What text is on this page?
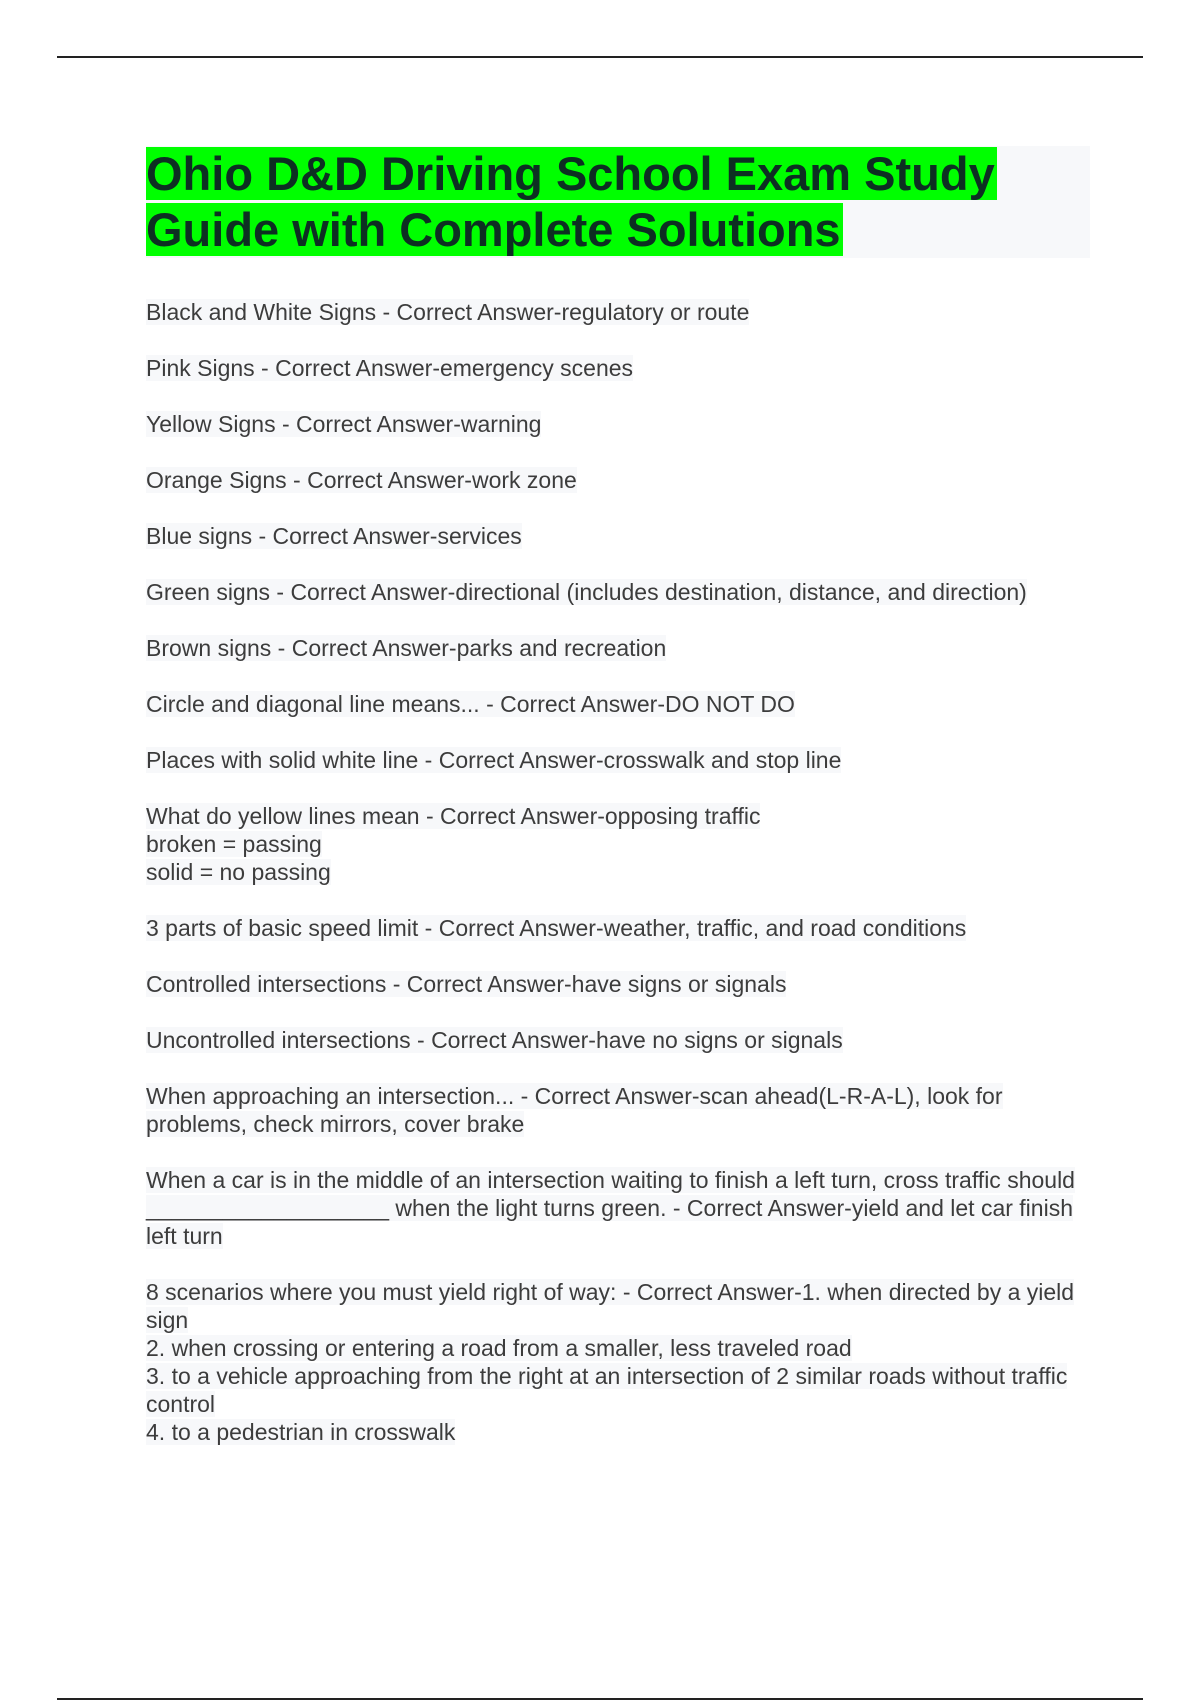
Ohio D&D Driving School Exam Study Guide with Complete Solutions
Black and White Signs - Correct Answer-regulatory or route
Pink Signs - Correct Answer-emergency scenes
Yellow Signs - Correct Answer-warning
Orange Signs - Correct Answer-work zone
Blue signs - Correct Answer-services
Green signs - Correct Answer-directional (includes destination, distance, and direction)
Brown signs - Correct Answer-parks and recreation
Circle and diagonal line means... - Correct Answer-DO NOT DO
Places with solid white line - Correct Answer-crosswalk and stop line
What do yellow lines mean - Correct Answer-opposing traffic
broken = passing
solid = no passing
3 parts of basic speed limit - Correct Answer-weather, traffic, and road conditions
Controlled intersections - Correct Answer-have signs or signals
Uncontrolled intersections - Correct Answer-have no signs or signals
When approaching an intersection... - Correct Answer-scan ahead(L-R-A-L), look for problems, check mirrors, cover brake
When a car is in the middle of an intersection waiting to finish a left turn, cross traffic should ___________________ when the light turns green. - Correct Answer-yield and let car finish left turn
8 scenarios where you must yield right of way: - Correct Answer-1. when directed by a yield sign
2. when crossing or entering a road from a smaller, less traveled road
3. to a vehicle approaching from the right at an intersection of 2 similar roads without traffic control
4. to a pedestrian in crosswalk
